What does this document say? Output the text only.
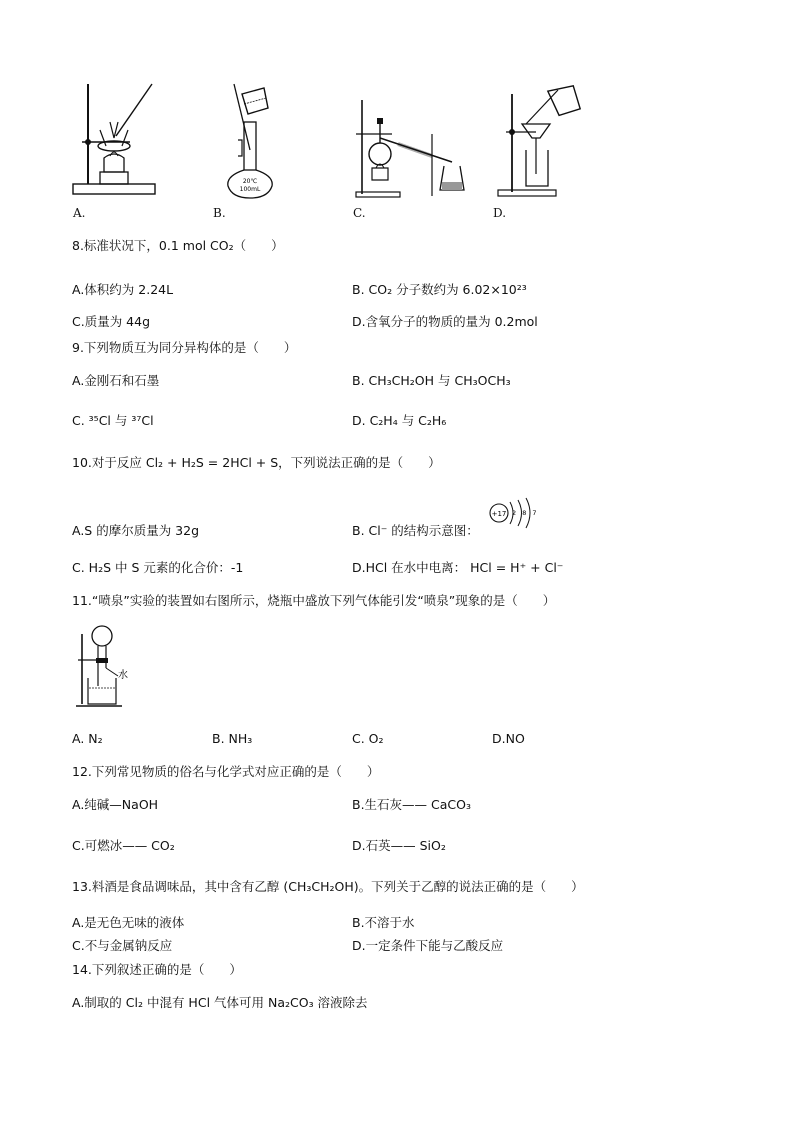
A.
20℃
100mL
B.	C.	D.
8.标准状况下，0.1 mol CO₂（　　）
A.体积约为 2.24L	B. CO₂ 分子数约为 6.02×10²³
C.质量为 44g	D.含氧分子的物质的量为 0.2mol
9.下列物质互为同分异构体的是（　　）
A.金刚石和石墨	B. CH₃CH₂OH 与 CH₃OCH₃
C. ³⁵Cl 与 ³⁷Cl	D. C₂H₄ 与 C₂H₆
10.对于反应 Cl₂ + H₂S = 2HCl + S，下列说法正确的是（　　）
A.S 的摩尔质量为 32g	B. Cl⁻ 的结构示意图：
+17 2 8 7
C. H₂S 中 S 元素的化合价：-1	D.HCl 在水中电离： HCl = H⁺ + Cl⁻
11.“喷泉”实验的装置如右图所示，烧瓶中盛放下列气体能引发“喷泉”现象的是（　　）
水
A. N₂	B. NH₃	C. O₂	D.NO
12.下列常见物质的俗名与化学式对应正确的是（　　）
A.纯碱—NaOH	B.生石灰—— CaCO₃
C.可燃冰—— CO₂	D.石英—— SiO₂
13.料酒是食品调味品，其中含有乙醇 (CH₃CH₂OH)。下列关于乙醇的说法正确的是（　　）
A.是无色无味的液体	B.不溶于水
C.不与金属钠反应	D.一定条件下能与乙酸反应
14.下列叙述正确的是（　　）
A.制取的 Cl₂ 中混有 HCl 气体可用 Na₂CO₃ 溶液除去
